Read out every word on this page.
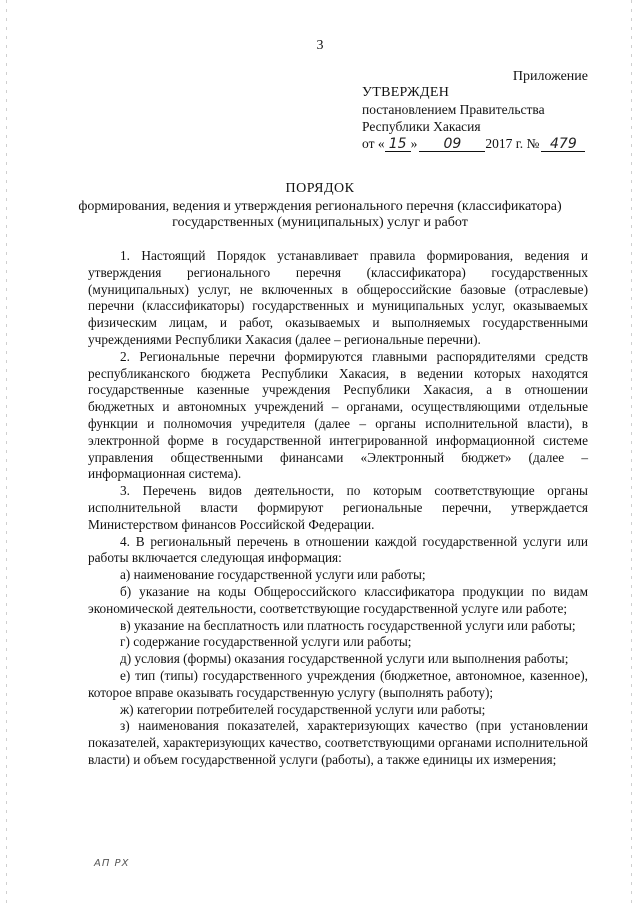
3
Приложение
УТВЕРЖДЕН
постановлением Правительства
Республики Хакасия
от « 15 » 09 2017 г. № 479
ПОРЯДОК
формирования, ведения и утверждения регионального перечня (классификатора)
государственных (муниципальных) услуг и работ

1. Настоящий Порядок устанавливает правила формирования, ведения и утверждения регионального перечня (классификатора) государственных (муниципальных) услуг, не включенных в общероссийские базовые (отраслевые) перечни (классификаторы) государственных и муниципальных услуг, оказываемых физическим лицам, и работ, оказываемых и выполняемых государственными учреждениями Республики Хакасия (далее – региональные перечни).

2. Региональные перечни формируются главными распорядителями средств республиканского бюджета Республики Хакасия, в ведении которых находятся государственные казенные учреждения Республики Хакасия, а в отношении бюджетных и автономных учреждений – органами, осуществляющими отдельные функции и полномочия учредителя (далее – органы исполнительной власти), в электронной форме в государственной интегрированной информационной системе управления общественными финансами «Электронный бюджет» (далее – информационная система).

3. Перечень видов деятельности, по которым соответствующие органы исполнительной власти формируют региональные перечни, утверждается Министерством финансов Российской Федерации.

4. В региональный перечень в отношении каждой государственной услуги или работы включается следующая информация:

а) наименование государственной услуги или работы;

б) указание на коды Общероссийского классификатора продукции по видам экономической деятельности, соответствующие государственной услуге или работе;

в) указание на бесплатность или платность государственной услуги или работы;

г) содержание государственной услуги или работы;

д) условия (формы) оказания государственной услуги или выполнения работы;

е) тип (типы) государственного учреждения (бюджетное, автономное, казенное), которое вправе оказывать государственную услугу (выполнять работу);

ж) категории потребителей государственной услуги или работы;

з) наименования показателей, характеризующих качество (при установлении показателей, характеризующих качество, соответствующими органами исполнительной власти) и объем государственной услуги (работы), а также единицы их измерения;

АП РХ
